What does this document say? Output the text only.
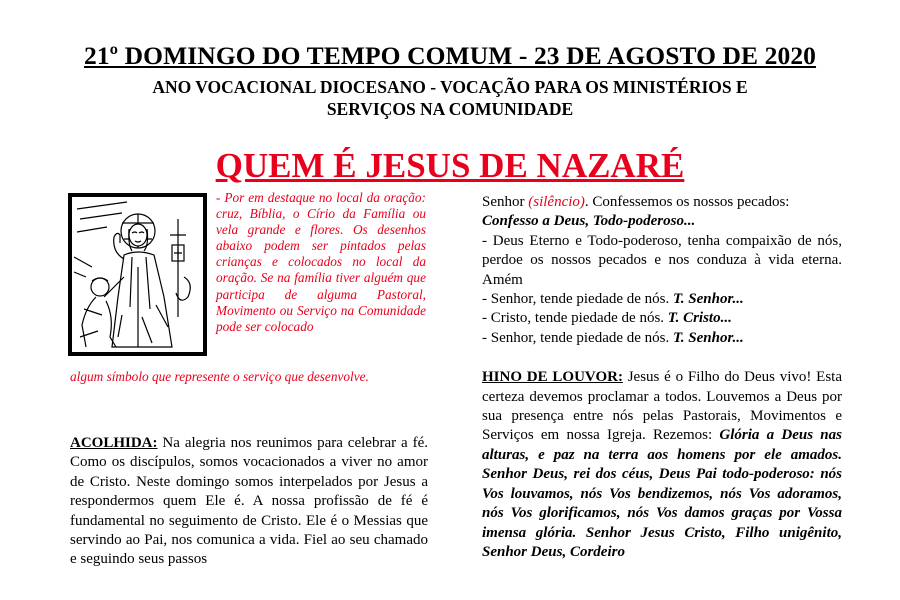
21º DOMINGO DO TEMPO COMUM - 23 DE AGOSTO DE 2020
ANO VOCACIONAL DIOCESANO - VOCAÇÃO PARA OS MINISTÉRIOS E
SERVIÇOS NA COMUNIDADE
QUEM É JESUS DE NAZARÉ
- Por em destaque no local da oração: cruz, Bíblia, o Círio da Família ou vela grande e flores. Os desenhos abaixo podem ser pintados pelas crianças e colocados no local da oração. Se na família tiver alguém que participa de alguma Pastoral, Movimento ou Serviço na Comunidade pode ser colocado
algum símbolo que represente o serviço que desenvolve.
ACOLHIDA: Na alegria nos reunimos para celebrar a fé. Como os discípulos, somos vocacionados a viver no amor de Cristo. Neste domingo somos interpelados por Jesus a respondermos quem Ele é. A nossa profissão de fé é fundamental no seguimento de Cristo. Ele é o Messias que servindo ao Pai, nos comunica a vida. Fiel ao seu chamado e seguindo seus passos

Senhor (silêncio). Confessemos os nossos pecados:

Confesso a Deus, Todo-poderoso...

- Deus Eterno e Todo-poderoso, tenha compaixão de nós, perdoe os nossos pecados e nos conduza à vida eterna. Amém

- Senhor, tende piedade de nós. T. Senhor...

- Cristo, tende piedade de nós. T. Cristo...

- Senhor, tende piedade de nós. T. Senhor...

HINO DE LOUVOR: Jesus é o Filho do Deus vivo! Esta certeza devemos proclamar a todos. Louvemos a Deus por sua presença entre nós pelas Pastorais, Movimentos e Serviços em nossa Igreja. Rezemos: Glória a Deus nas alturas, e paz na terra aos homens por ele amados. Senhor Deus, rei dos céus, Deus Pai todo-poderoso: nós Vos louvamos, nós Vos bendizemos, nós Vos adoramos, nós Vos glorificamos, nós Vos damos graças por Vossa imensa glória. Senhor Jesus Cristo, Filho unigênito, Senhor Deus, Cordeiro
